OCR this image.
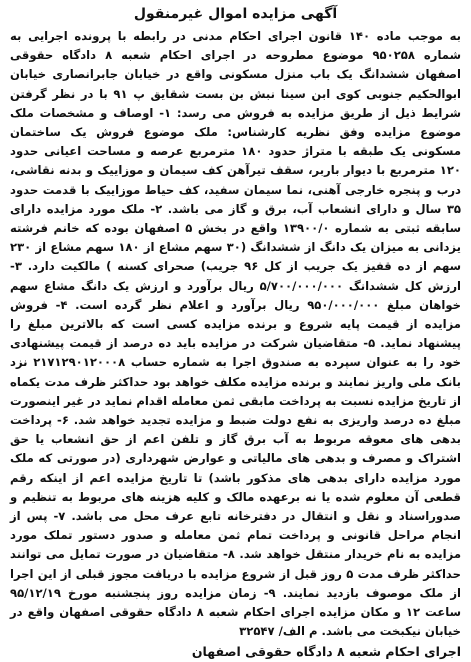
آگهی مزایده اموال غیرمنقول

به موجب ماده ۱۴۰ قانون اجرای احکام مدنی در رابطه با پرونده اجرایی به شماره ۹۵۰۲۵۸ موضوع مطروحه در اجرای احکام شعبه ۸ دادگاه حقوقی اصفهان ششدانگ یک باب منزل مسکونی واقع در خیابان جابرانصاری خیابان ابوالحکیم جنوبی کوی ابن سینا نبش بن بست شقایق پ ۹۱ با در نظر گرفتن شرایط ذیل از طریق مزایده به فروش می رسد: ۱- اوصاف و مشخصات ملک موضوع مزایده وفق نظریه کارشناس: ملک موضوع فروش یک ساختمان مسکونی یک طبقه با متراژ حدود ۱۸۰ مترمربع عرصه و مساحت اعیانی حدود ۱۲۰ مترمربع با دیوار باربر، سقف تیرآهن کف سیمان و موزاییک و بدنه نقاشی، درب و پنجره خارجی آهنی، نما سیمان سفید، کف حیاط موزاییک با قدمت حدود ۳۵ سال و دارای انشعاب آب، برق و گاز می باشد. ۲- ملک مورد مزایده دارای سابقه ثبتی به شماره ۱۳۹۰۰/۰ واقع در بخش ۵ اصفهان بوده که خانم فرشته یزدانی به میزان یک دانگ از ششدانگ (۳۰ سهم مشاع از ۱۸۰ سهم مشاع از ۲۳۰ سهم از ده قفیز یک جریب از کل ۹۶ جریب) صحرای کسنه ) مالکیت دارد. ۳- ارزش کل ششدانگ ۵/۷۰۰/۰۰۰/۰۰۰ ریال برآورد و ارزش یک دانگ مشاع سهم خواهان مبلغ ۹۵۰/۰۰۰/۰۰۰ ریال برآورد و اعلام نظر گرده است. ۴- فروش مزایده از قیمت پایه شروع و برنده مزایده کسی است که بالاترین مبلغ را پیشنهاد نماید. ۵- متقاضیان شرکت در مزایده باید ده درصد از قیمت پیشنهادی خود را به عنوان سپرده به صندوق اجرا به شماره حساب ۲۱۷۱۲۹۰۱۲۰۰۰۸ نزد بانک ملی واریز نمایند و برنده مزایده مکلف خواهد بود حداکثر ظرف مدت یکماه از تاریخ مزایده نسبت به پرداخت مابقی ثمن معامله اقدام نماید در غیر اینصورت مبلغ ده درصد واریزی به نفع دولت ضبط و مزایده تجدید خواهد شد. ۶- پرداخت بدهی های معوقه مربوط به آب برق گاز و تلفن اعم از حق انشعاب یا حق اشتراک و مصرف و بدهی های مالیاتی و عوارض شهرداری (در صورتی که ملک مورد مزایده دارای بدهی های مذکور باشد) تا تاریخ مزایده اعم از اینکه رقم قطعی آن معلوم شده یا نه برعهده مالک و کلیه هزینه های مربوط به تنظیم و صدوراسناد و نقل و انتقال در دفترخانه تابع عرف محل می باشد. ۷- پس از انجام مراحل قانونی و پرداخت تمام ثمن معامله و صدور دستور تملک مورد مزایده به نام خریدار منتقل خواهد شد. ۸- متقاضیان در صورت تمایل می توانند حداکثر ظرف مدت ۵ روز قبل از شروع مزایده با دریافت مجوز قبلی از این اجرا از ملک موصوف بازدید نمایند. ۹- زمان مزایده روز پنجشنبه مورخ ۹۵/۱۲/۱۹ ساعت ۱۲ و مکان مزایده اجرای احکام شعبه ۸ دادگاه حقوقی اصفهان واقع در خیابان نیکبخت می باشد. م الف/ ۳۲۵۴۷

اجرای احکام شعبه ۸ دادگاه حقوقی اصفهان
